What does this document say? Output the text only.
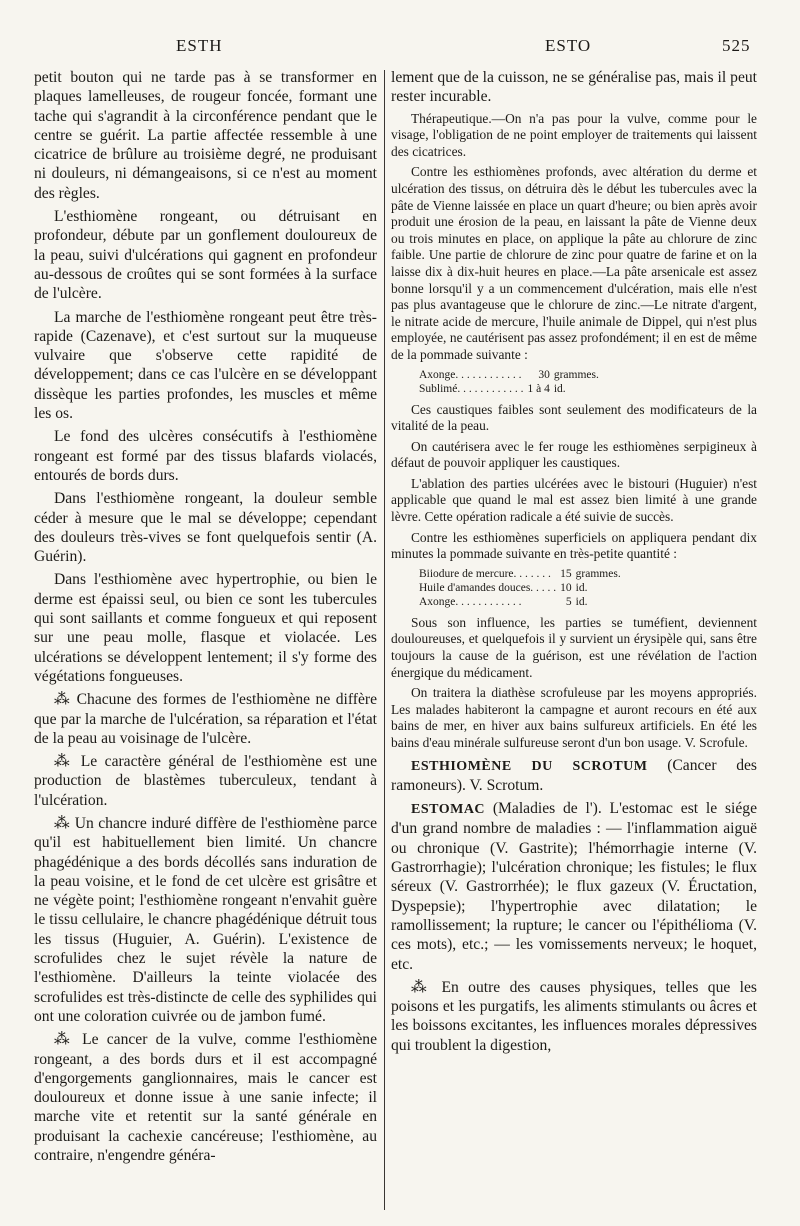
ESTH	ESTO	525

petit bouton qui ne tarde pas à se transformer en plaques lamelleuses, de rougeur foncée, formant une tache qui s'agrandit à la circonférence pendant que le centre se guérit. La partie affectée ressemble à une cicatrice de brûlure au troisième degré, ne produisant ni douleurs, ni démangeaisons, si ce n'est au moment des règles.

L'esthiomène rongeant, ou détruisant en profondeur, débute par un gonflement douloureux de la peau, suivi d'ulcérations qui gagnent en profondeur au-dessous de croûtes qui se sont formées à la surface de l'ulcère.

La marche de l'esthiomène rongeant peut être très-rapide (Cazenave), et c'est surtout sur la muqueuse vulvaire que s'observe cette rapidité de développement; dans ce cas l'ulcère en se développant dissèque les parties profondes, les muscles et même les os.

Le fond des ulcères consécutifs à l'esthiomène rongeant est formé par des tissus blafards violacés, entourés de bords durs.

Dans l'esthiomène rongeant, la douleur semble céder à mesure que le mal se développe; cependant des douleurs très-vives se font quelquefois sentir (A. Guérin).

Dans l'esthiomène avec hypertrophie, ou bien le derme est épaissi seul, ou bien ce sont les tubercules qui sont saillants et comme fongueux et qui reposent sur une peau molle, flasque et violacée. Les ulcérations se développent lentement; il s'y forme des végétations fongueuses.

⁂ Chacune des formes de l'esthiomène ne diffère que par la marche de l'ulcération, sa réparation et l'état de la peau au voisinage de l'ulcère.

⁂ Le caractère général de l'esthiomène est une production de blastèmes tuberculeux, tendant à l'ulcération.

⁂ Un chancre induré diffère de l'esthiomène parce qu'il est habituellement bien limité. Un chancre phagédénique a des bords décollés sans induration de la peau voisine, et le fond de cet ulcère est grisâtre et ne végète point; l'esthiomène rongeant n'envahit guère le tissu cellulaire, le chancre phagédénique détruit tous les tissus (Huguier, A. Guérin). L'existence de scrofulides chez le sujet révèle la nature de l'esthiomène. D'ailleurs la teinte violacée des scrofulides est très-distincte de celle des syphilides qui ont une coloration cuivrée ou de jambon fumé.

⁂ Le cancer de la vulve, comme l'esthiomène rongeant, a des bords durs et il est accompagné d'engorgements ganglionnaires, mais le cancer est douloureux et donne issue à une sanie infecte; il marche vite et retentit sur la santé générale en produisant la cachexie cancéreuse; l'esthiomène, au contraire, n'engendre généra-

lement que de la cuisson, ne se généralise pas, mais il peut rester incurable.

Thérapeutique.—On n'a pas pour la vulve, comme pour le visage, l'obligation de ne point employer de traitements qui laissent des cicatrices.

Contre les esthiomènes profonds, avec altération du derme et ulcération des tissus, on détruira dès le début les tubercules avec la pâte de Vienne laissée en place un quart d'heure; ou bien après avoir produit une érosion de la peau, en laissant la pâte de Vienne deux ou trois minutes en place, on applique la pâte au chlorure de zinc faible. Une partie de chlorure de zinc pour quatre de farine et on la laisse dix à dix-huit heures en place.—La pâte arsenicale est assez bonne lorsqu'il y a un commencement d'ulcération, mais elle n'est pas plus avantageuse que le chlorure de zinc.—Le nitrate d'argent, le nitrate acide de mercure, l'huile animale de Dippel, qui n'est plus employée, ne cautérisent pas assez profondément; il en est de même de la pommade suivante :

Axonge. . . . . . . . . . . .	30	grammes.
Sublimé. . . . . . . . . . . .	1 à 4	id.

Ces caustiques faibles sont seulement des modificateurs de la vitalité de la peau.

On cautérisera avec le fer rouge les esthiomènes serpigineux à défaut de pouvoir appliquer les caustiques.

L'ablation des parties ulcérées avec le bistouri (Huguier) n'est applicable que quand le mal est assez bien limité à une grande lèvre. Cette opération radicale a été suivie de succès.

Contre les esthiomènes superficiels on appliquera pendant dix minutes la pommade suivante en très-petite quantité :

Biiodure de mercure. . . . . . .	15	grammes.
Huile d'amandes douces. . . . .	10	id.
Axonge. . . . . . . . . . . .	5	id.

Sous son influence, les parties se tuméfient, deviennent douloureuses, et quelquefois il y survient un érysipèle qui, sans être toujours la cause de la guérison, est une révélation de l'action énergique du médicament.

On traitera la diathèse scrofuleuse par les moyens appropriés. Les malades habiteront la campagne et auront recours en été aux bains de mer, en hiver aux bains sulfureux artificiels. En été les bains d'eau minérale sulfureuse seront d'un bon usage. V. Scrofule.

ESTHIOMÈNE DU SCROTUM (Cancer des ramoneurs). V. Scrotum.

ESTOMAC (Maladies de l'). L'estomac est le siége d'un grand nombre de maladies : — l'inflammation aiguë ou chronique (V. Gastrite); l'hémorrhagie interne (V. Gastrorrhagie); l'ulcération chronique; les fistules; le flux séreux (V. Gastrorrhée); le flux gazeux (V. Éructation, Dyspepsie); l'hypertrophie avec dilatation; le ramollissement; la rupture; le cancer ou l'épithélioma (V. ces mots), etc.; — les vomissements nerveux; le hoquet, etc.

⁂ En outre des causes physiques, telles que les poisons et les purgatifs, les aliments stimulants ou âcres et les boissons excitantes, les influences morales dépressives qui troublent la digestion,
